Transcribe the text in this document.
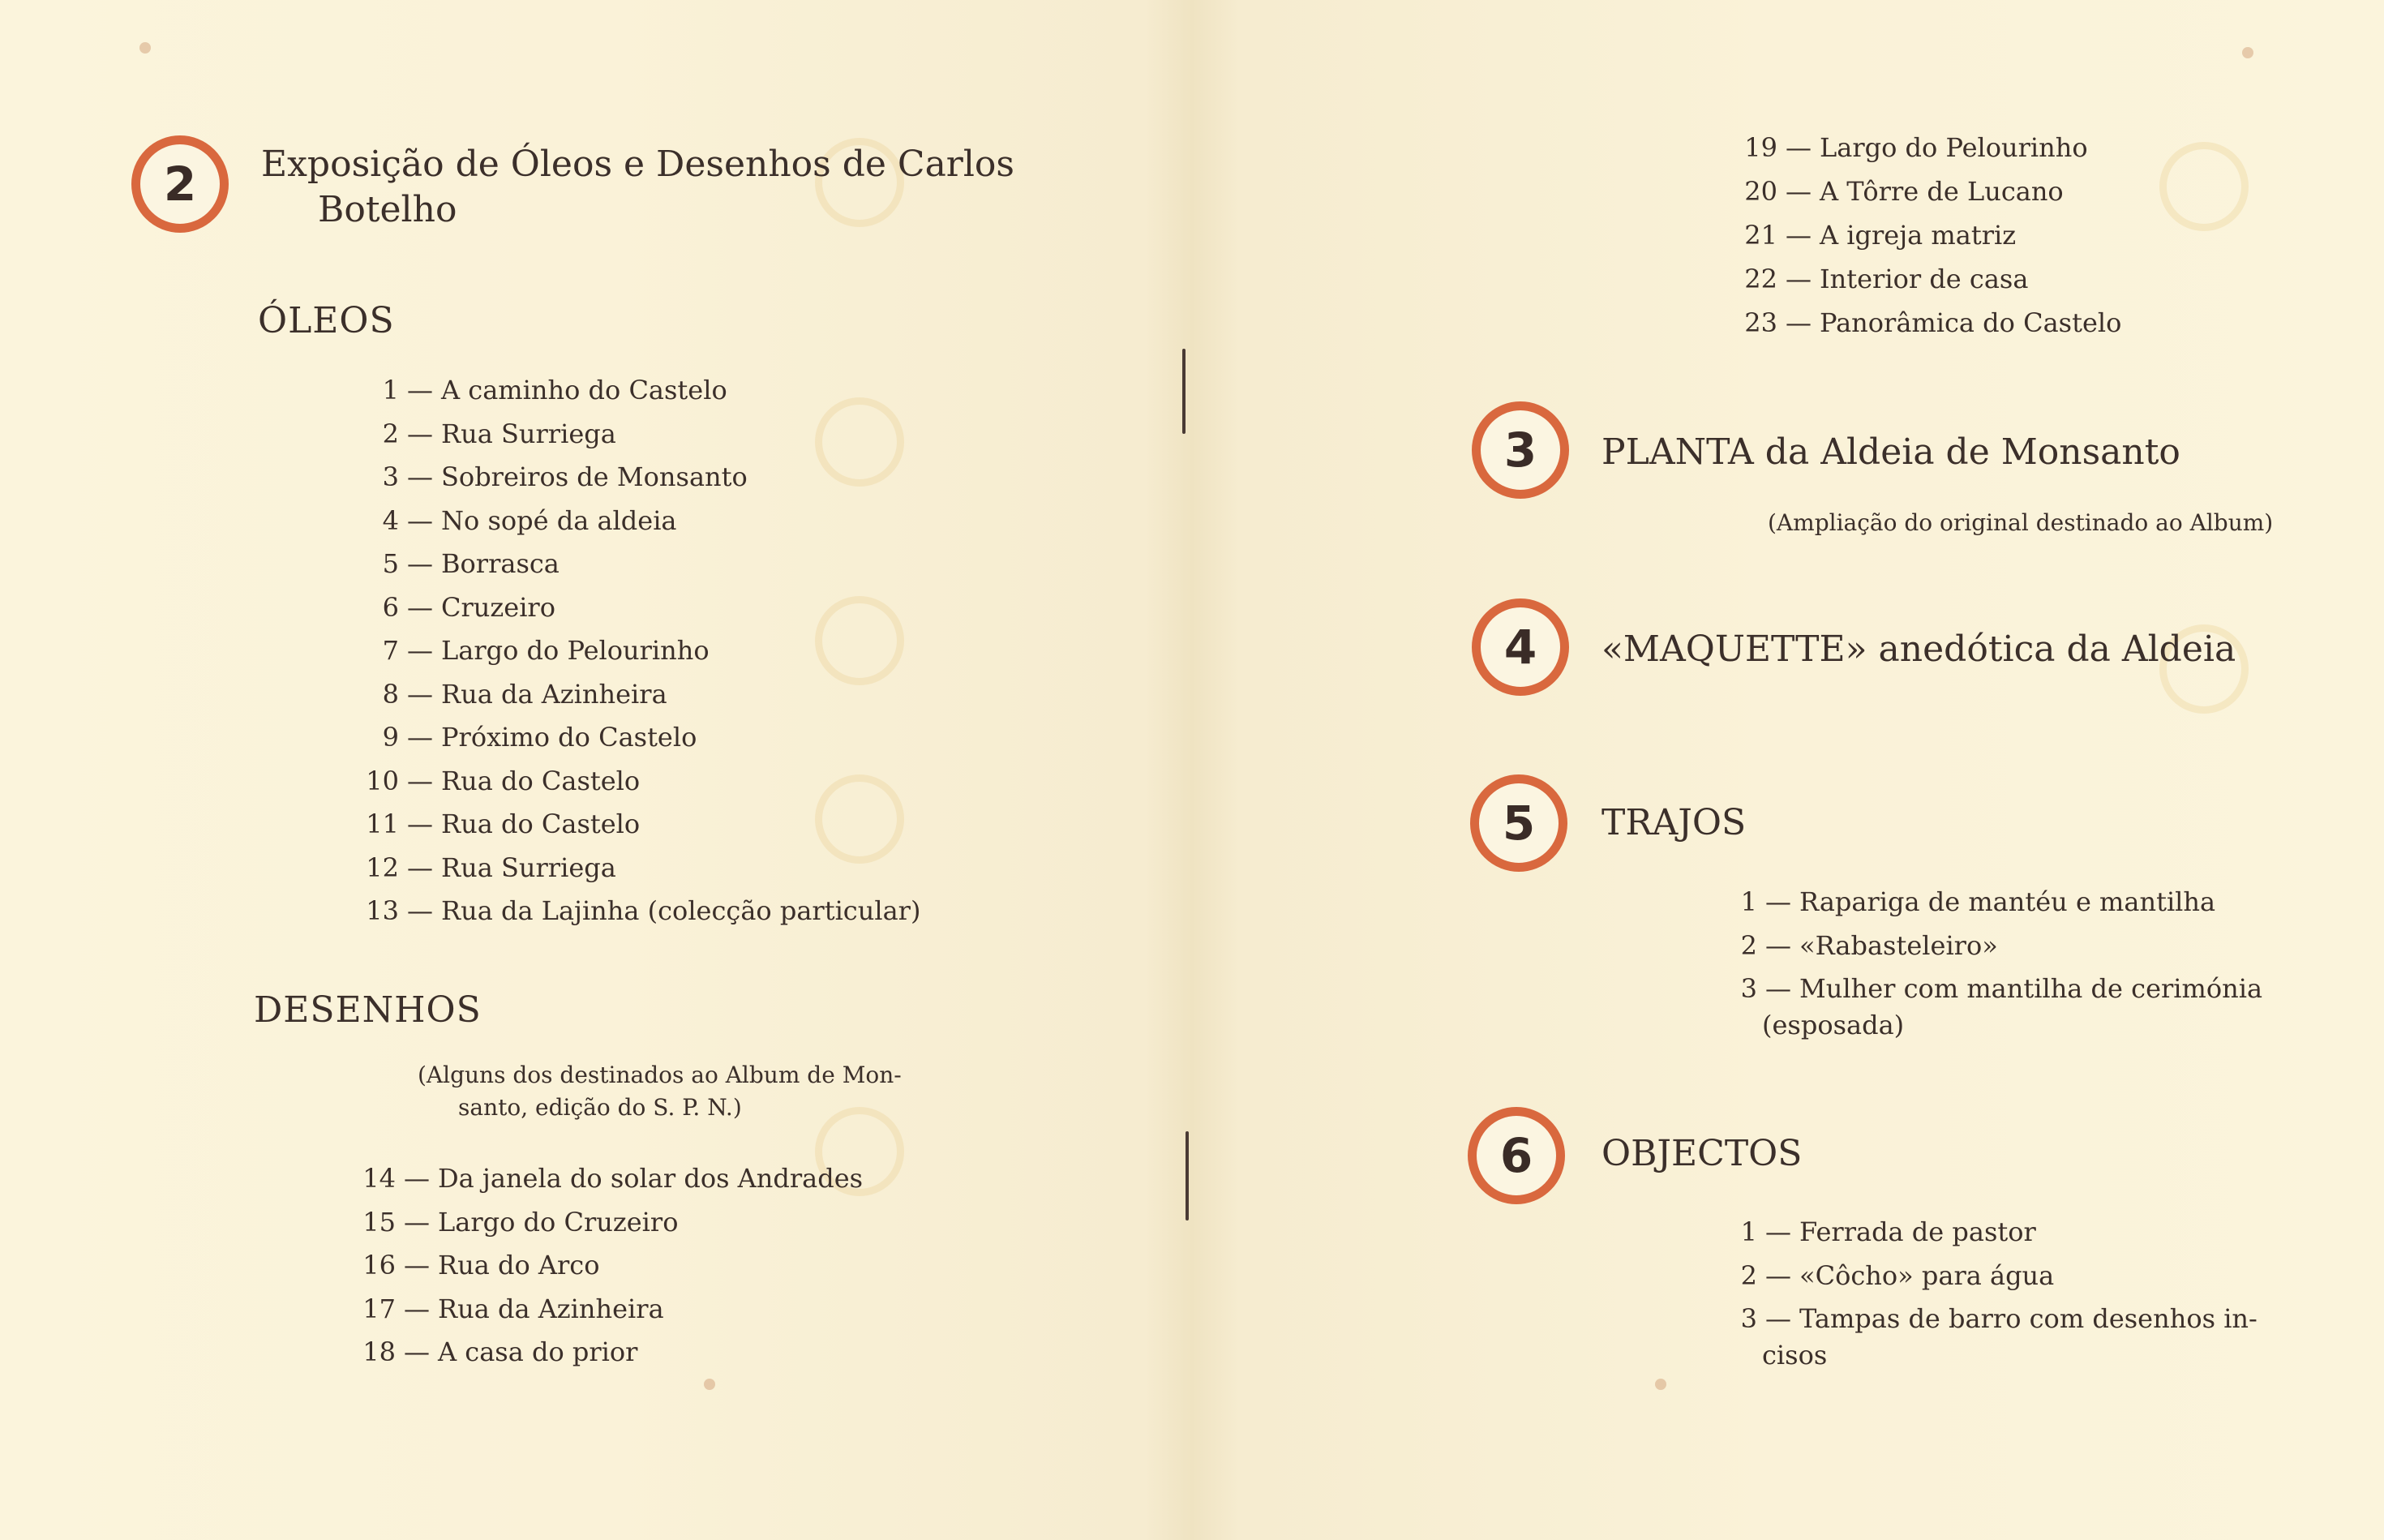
2 Exposição de Óleos e Desenhos de Carlos
Botelho
ÓLEOS
1 — A caminho do Castelo
2 — Rua Surriega
3 — Sobreiros de Monsanto
4 — No sopé da aldeia
5 — Borrasca
6 — Cruzeiro
7 — Largo do Pelourinho
8 — Rua da Azinheira
9 — Próximo do Castelo
10 — Rua do Castelo
11 — Rua do Castelo
12 — Rua Surriega
13 — Rua da Lajinha (colecção particular)
DESENHOS
(Alguns dos destinados ao Album de Mon-
santo, edição do S. P. N.)
14 — Da janela do solar dos Andrades
15 — Largo do Cruzeiro
16 — Rua do Arco
17 — Rua da Azinheira
18 — A casa do prior
19 — Largo do Pelourinho
20 — A Tôrre de Lucano
21 — A igreja matriz
22 — Interior de casa
23 — Panorâmica do Castelo
3 PLANTA da Aldeia de Monsanto
(Ampliação do original destinado ao Album)
4 «MAQUETTE» anedótica da Aldeia
5 TRAJOS
1 — Rapariga de mantéu e mantilha
2 — «Rabasteleiro»
3 — Mulher com mantilha de cerimónia
(esposada)
6 OBJECTOS
1 — Ferrada de pastor
2 — «Côcho» para água
3 — Tampas de barro com desenhos in-
cisos
